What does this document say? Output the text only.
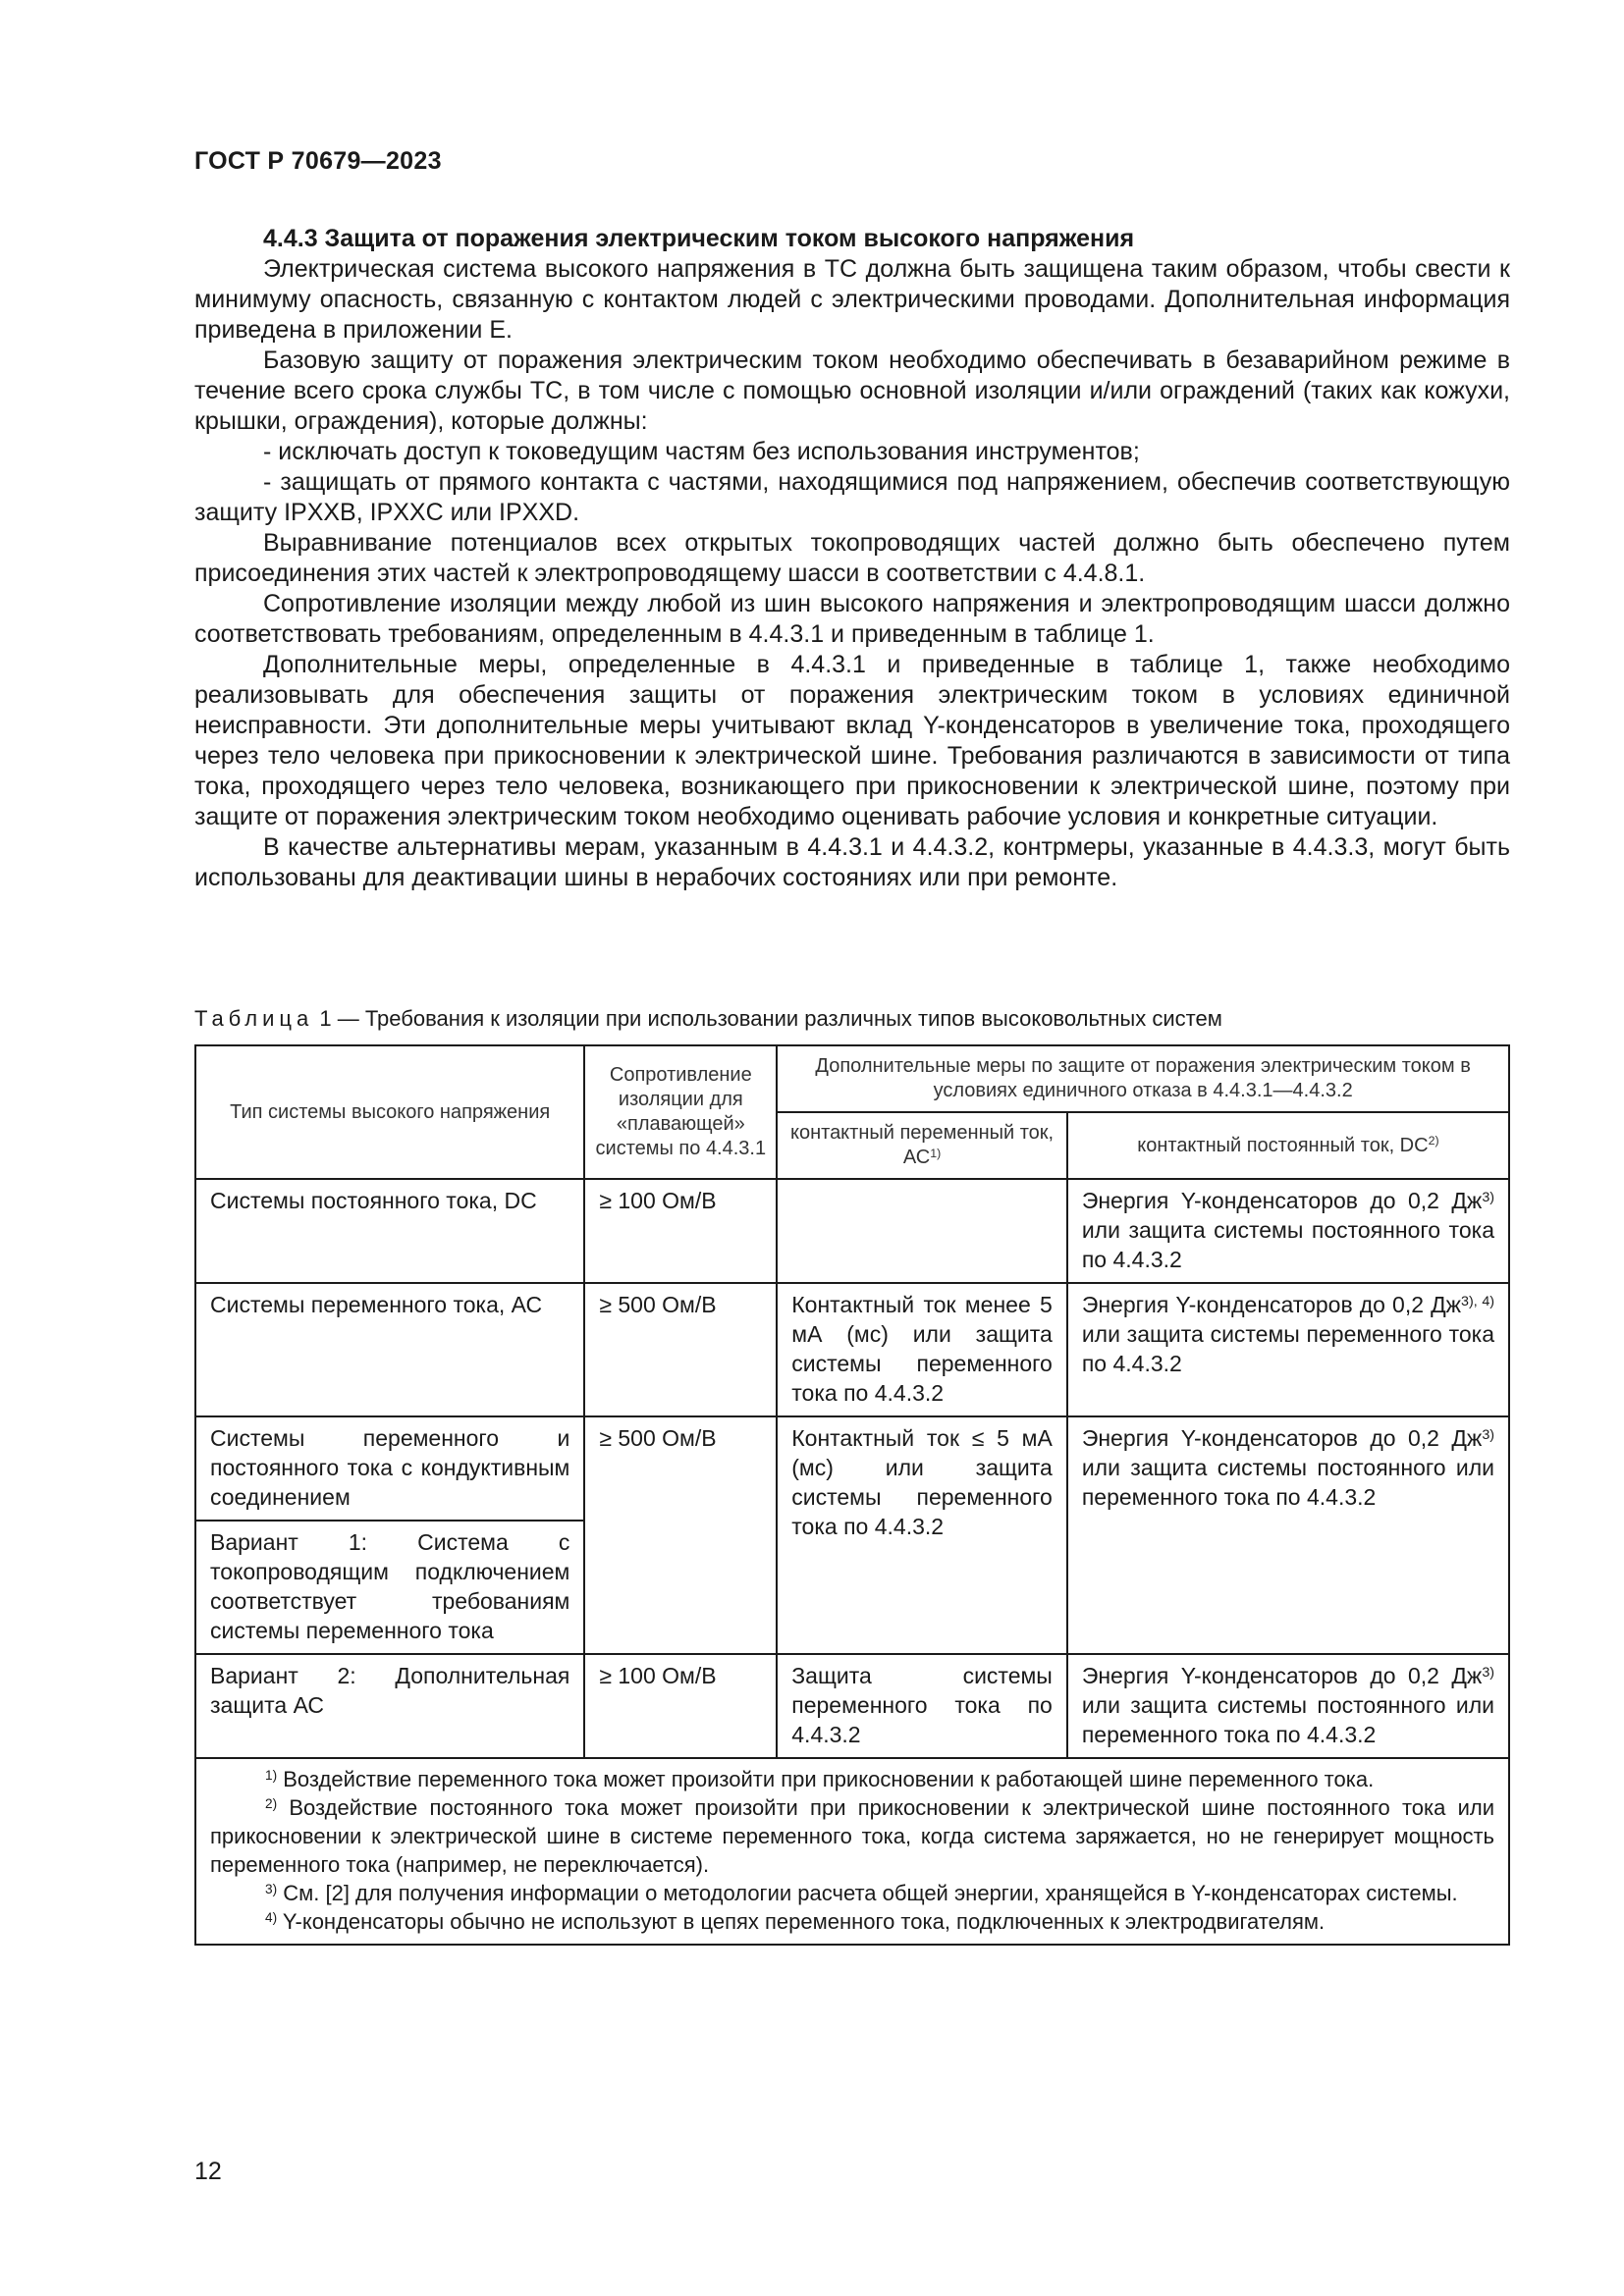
ГОСТ Р 70679—2023

4.4.3 Защита от поражения электрическим током высокого напряжения

Электрическая система высокого напряжения в ТС должна быть защищена таким образом, чтобы свести к минимуму опасность, связанную с контактом людей с электрическими проводами. Дополнительная информация приведена в приложении Е.

Базовую защиту от поражения электрическим током необходимо обеспечивать в безаварийном режиме в течение всего срока службы ТС, в том числе с помощью основной изоляции и/или ограждений (таких как кожухи, крышки, ограждения), которые должны:

- исключать доступ к токоведущим частям без использования инструментов;

- защищать от прямого контакта с частями, находящимися под напряжением, обеспечив соответствующую защиту IPXXB, IPXXC или IPXXD.

Выравнивание потенциалов всех открытых токопроводящих частей должно быть обеспечено путем присоединения этих частей к электропроводящему шасси в соответствии с 4.4.8.1.

Сопротивление изоляции между любой из шин высокого напряжения и электропроводящим шасси должно соответствовать требованиям, определенным в 4.4.3.1 и приведенным в таблице 1.

Дополнительные меры, определенные в 4.4.3.1 и приведенные в таблице 1, также необходимо реализовывать для обеспечения защиты от поражения электрическим током в условиях единичной неисправности. Эти дополнительные меры учитывают вклад Y-конденсаторов в увеличение тока, проходящего через тело человека при прикосновении к электрической шине. Требования различаются в зависимости от типа тока, проходящего через тело человека, возникающего при прикосновении к электрической шине, поэтому при защите от поражения электрическим током необходимо оценивать рабочие условия и конкретные ситуации.

В качестве альтернативы мерам, указанным в 4.4.3.1 и 4.4.3.2, контрмеры, указанные в 4.4.3.3, могут быть использованы для деактивации шины в нерабочих состояниях или при ремонте.

Таблица 1 — Требования к изоляции при использовании различных типов высоковольтных систем
Тип системы высокого напряжения	Сопротивление изоляции для «плавающей» системы по 4.4.3.1	Дополнительные меры по защите от поражения электрическим током в условиях единичного отказа в 4.4.3.1—4.4.3.2	
		контактный переменный ток, АС$^{1)}$	контактный постоянный ток, DC$^{2)}$
Системы постоянного тока, DC	≥ 100 Ом/В		Энергия Y-конденсаторов до 0,2 $Дж^{3)}$ или защита системы постоянного тока по 4.4.3.2
Системы переменного тока, АС	≥ 500 Ом/В	Контактный ток менее 5 мА (мс) или защита системы переменного тока по 4.4.3.2	Энергия Y-конденсаторов до 0,2 $Дж^{3), 4)}$ или защита системы переменного тока по 4.4.3.2
Системы переменного и постоянного тока с кондуктивным соединением	≥ 500 Ом/В	Контактный ток ≤ 5 мА (мс) или защита системы переменного тока по 4.4.3.2	Энергия Y-конденсаторов до 0,2 $Дж^{3)}$ или защита системы постоянного или переменного тока по 4.4.3.2
Вариант 1: Система с токопроводящим подключением соответствует требованиям системы переменного тока			
Вариант 2: Дополнительная защита АС	≥ 100 Ом/В	Защита системы переменного тока по 4.4.3.2	Энергия Y-конденсаторов до 0,2 $Дж^{3)}$ или защита системы постоянного или переменного тока по 4.4.3.2

$^{1)}$ Воздействие переменного тока может произойти при прикосновении к работающей шине переменного тока.

$^{2)}$ Воздействие постоянного тока может произойти при прикосновении к электрической шине постоянного тока или прикосновении к электрической шине в системе переменного тока, когда система заряжается, но не генерирует мощность переменного тока (например, не переключается).

$^{3)}$ См. [2] для получения информации о методологии расчета общей энергии, хранящейся в Y-конденсаторах системы.

$^{4)}$ Y-конденсаторы обычно не используют в цепях переменного тока, подключенных к электродвигателям.			

12
